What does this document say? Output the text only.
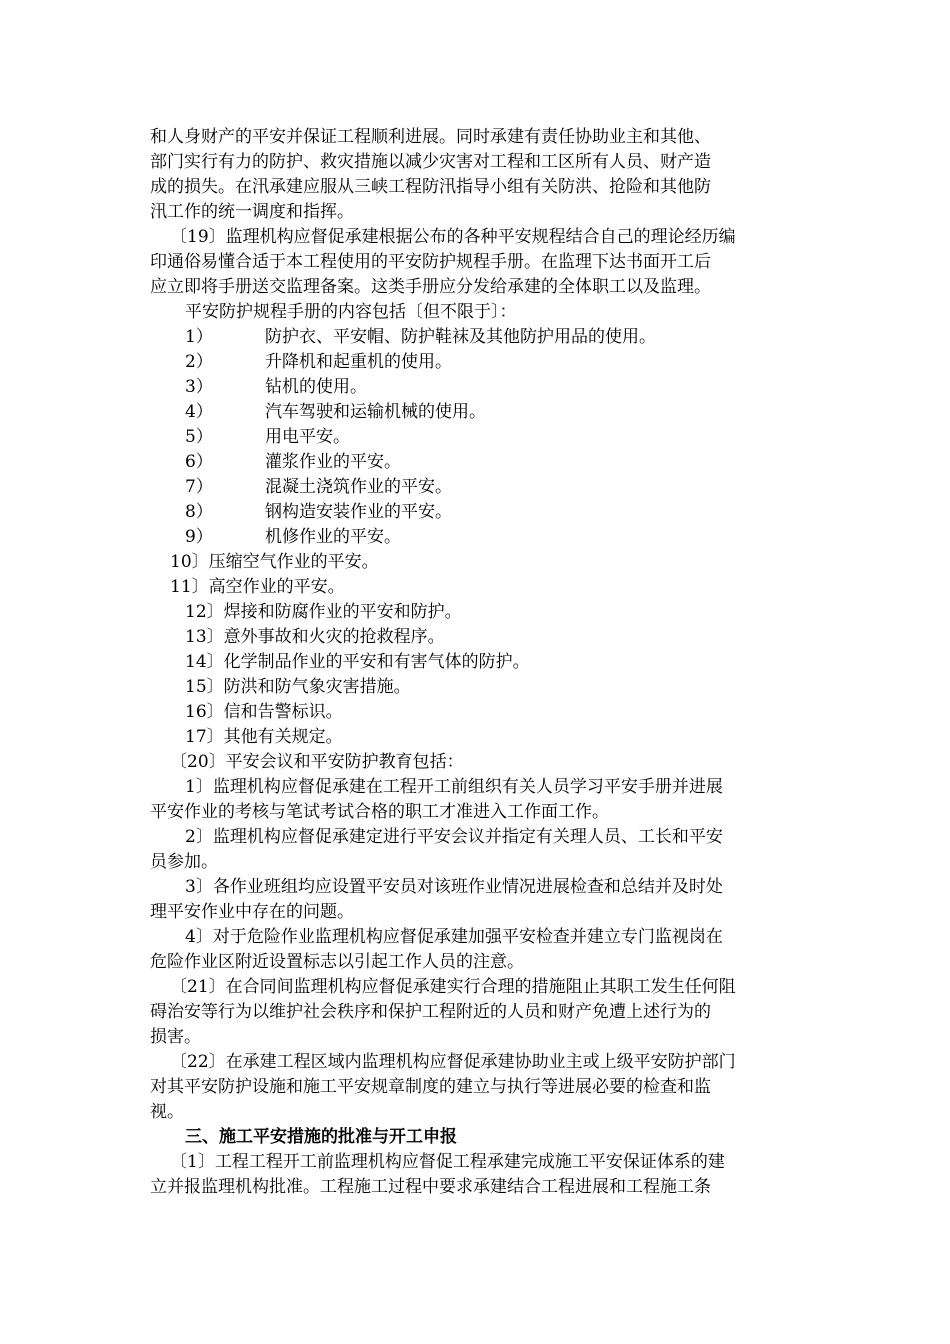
和人身财产的平安并保证工程顺利进展。同时承建有责任协助业主和其他、
部门实行有力的防护、救灾措施以减少灾害对工程和工区所有人员、财产造
成的损失。在汛承建应服从三峡工程防汛指导小组有关防洪、抢险和其他防
汛工作的统一调度和指挥。
〔19〕监理机构应督促承建根据公布的各种平安规程结合自己的理论经历编
印通俗易懂合适于本工程使用的平安防护规程手册。在监理下达书面开工后
应立即将手册送交监理备案。这类手册应分发给承建的全体职工以及监理。
平安防护规程手册的内容包括〔但不限于〕：
1）	防护衣、平安帽、防护鞋袜及其他防护用品的使用。
2）	升降机和起重机的使用。
3）	钻机的使用。
4）	汽车驾驶和运输机械的使用。
5）	用电平安。
6）	灌浆作业的平安。
7）	混凝土浇筑作业的平安。
8）	钢构造安装作业的平安。
9）	机修作业的平安。
10〕压缩空气作业的平安。
11〕高空作业的平安。
12〕焊接和防腐作业的平安和防护。
13〕意外事故和火灾的抢救程序。
14〕化学制品作业的平安和有害气体的防护。
15〕防洪和防气象灾害措施。
16〕信和告警标识。
17〕其他有关规定。
〔20〕平安会议和平安防护教育包括：
1〕监理机构应督促承建在工程开工前组织有关人员学习平安手册并进展
平安作业的考核与笔试考试合格的职工才准进入工作面工作。
2〕监理机构应督促承建定进行平安会议并指定有关理人员、工长和平安
员参加。
3〕各作业班组均应设置平安员对该班作业情况进展检查和总结并及时处
理平安作业中存在的问题。
4〕对于危险作业监理机构应督促承建加强平安检查并建立专门监视岗在
危险作业区附近设置标志以引起工作人员的注意。
〔21〕在合同间监理机构应督促承建实行合理的措施阻止其职工发生任何阻
碍治安等行为以维护社会秩序和保护工程附近的人员和财产免遭上述行为的
损害。
〔22〕在承建工程区域内监理机构应督促承建协助业主或上级平安防护部门
对其平安防护设施和施工平安规章制度的建立与执行等进展必要的检查和监
视。
三、施工平安措施的批准与开工申报
〔1〕工程工程开工前监理机构应督促工程承建完成施工平安保证体系的建
立并报监理机构批准。工程施工过程中要求承建结合工程进展和工程施工条
